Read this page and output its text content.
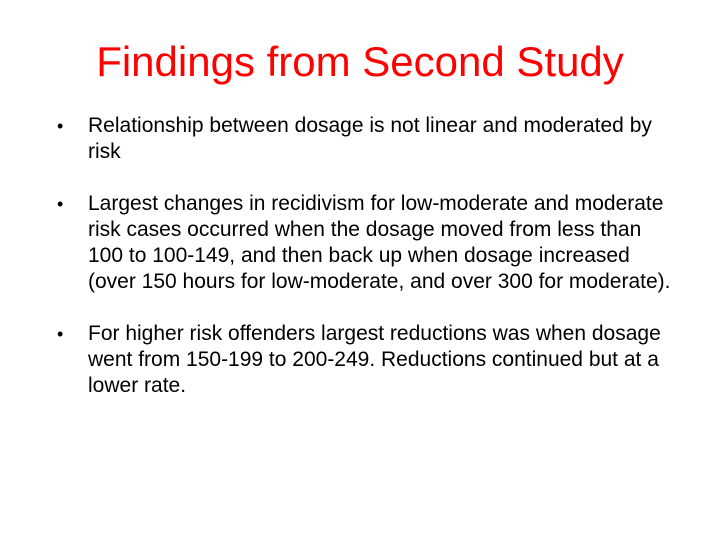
Findings from Second Study
•	Relationship between dosage is not linear and moderated by risk
•	Largest changes in recidivism for low-moderate and moderate risk cases occurred when the dosage moved from less than 100 to 100-149, and then back up when dosage increased (over 150 hours for low-moderate, and over 300 for moderate).
•	For higher risk offenders largest reductions was when dosage went from 150-199 to 200-249. Reductions continued but at a lower rate.
